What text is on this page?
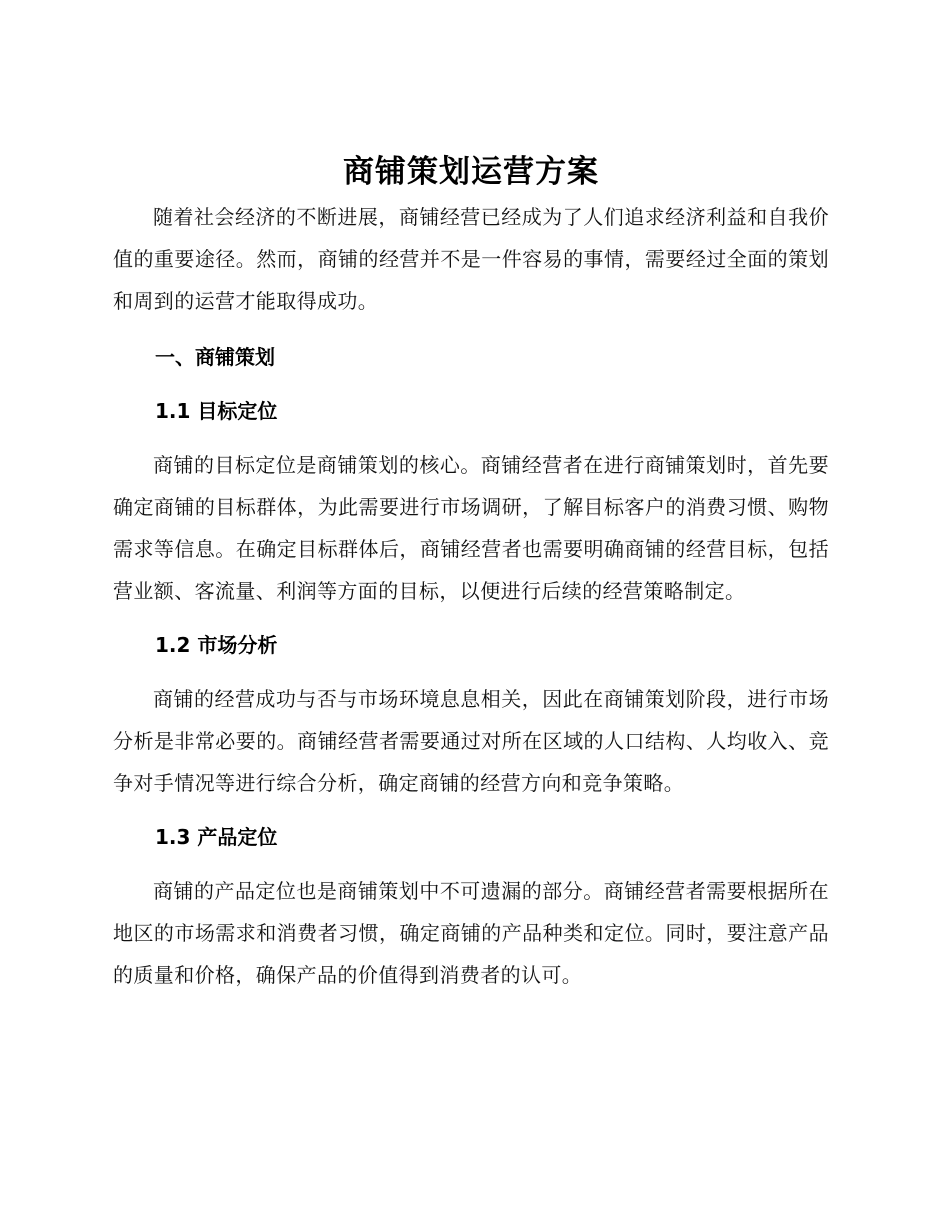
商铺策划运营方案

随着社会经济的不断进展，商铺经营已经成为了人们追求经济利益和自我价值的重要途径。然而，商铺的经营并不是一件容易的事情，需要经过全面的策划和周到的运营才能取得成功。

一、商铺策划
1.1 目标定位

商铺的目标定位是商铺策划的核心。商铺经营者在进行商铺策划时，首先要确定商铺的目标群体，为此需要进行市场调研，了解目标客户的消费习惯、购物需求等信息。在确定目标群体后，商铺经营者也需要明确商铺的经营目标，包括营业额、客流量、利润等方面的目标，以便进行后续的经营策略制定。

1.2 市场分析

商铺的经营成功与否与市场环境息息相关，因此在商铺策划阶段，进行市场分析是非常必要的。商铺经营者需要通过对所在区域的人口结构、人均收入、竞争对手情况等进行综合分析，确定商铺的经营方向和竞争策略。

1.3 产品定位

商铺的产品定位也是商铺策划中不可遗漏的部分。商铺经营者需要根据所在地区的市场需求和消费者习惯，确定商铺的产品种类和定位。同时，要注意产品的质量和价格，确保产品的价值得到消费者的认可。
